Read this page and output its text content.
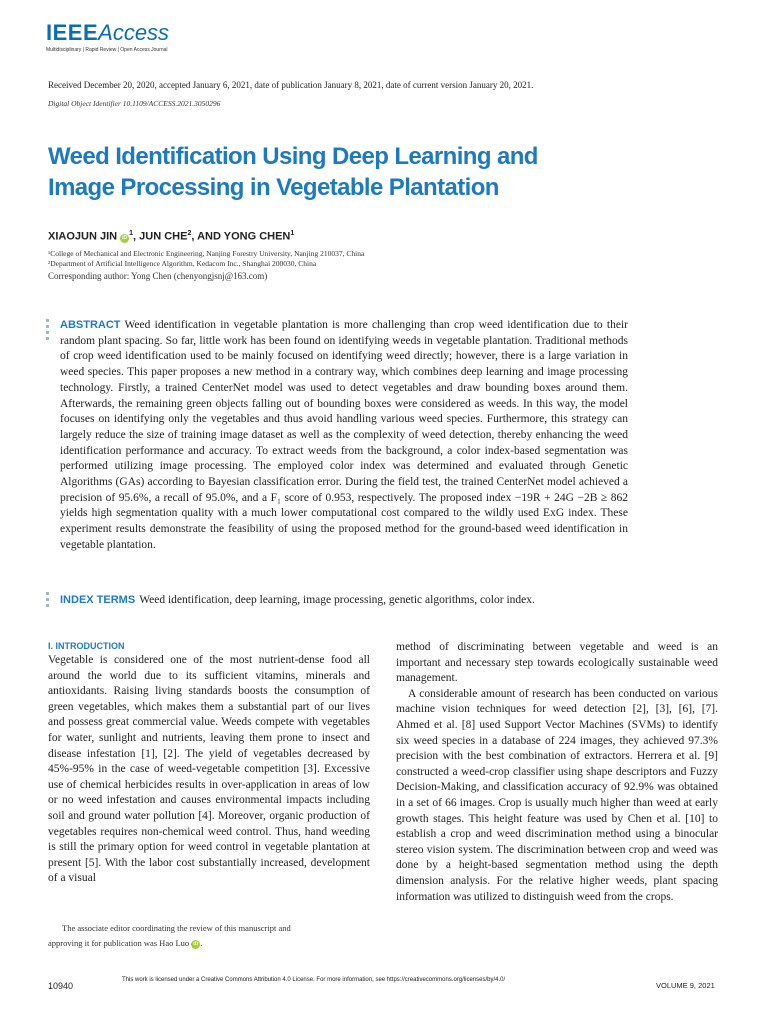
IEEEAccess
Multidisciplinary | Rapid Review | Open Access Journal
Received December 20, 2020, accepted January 6, 2021, date of publication January 8, 2021, date of current version January 20, 2021.
Digital Object Identifier 10.1109/ACCESS.2021.3050296
Weed Identification Using Deep Learning and
Image Processing in Vegetable Plantation
XIAOJUN JIN $iD^1$, JUN CHE$^2$, AND YONG CHEN$^1$
¹College of Mechanical and Electronic Engineering, Nanjing Forestry University, Nanjing 210037, China
²Department of Artificial Intelligence Algorithm, Kedacom Inc., Shanghai 200030, China
Corresponding author: Yong Chen (chenyongjsnj@163.com)
ABSTRACT Weed identification in vegetable plantation is more challenging than crop weed identification due to their random plant spacing. So far, little work has been found on identifying weeds in vegetable plantation. Traditional methods of crop weed identification used to be mainly focused on identifying weed directly; however, there is a large variation in weed species. This paper proposes a new method in a contrary way, which combines deep learning and image processing technology. Firstly, a trained CenterNet model was used to detect vegetables and draw bounding boxes around them. Afterwards, the remaining green objects falling out of bounding boxes were considered as weeds. In this way, the model focuses on identifying only the vegetables and thus avoid handling various weed species. Furthermore, this strategy can largely reduce the size of training image dataset as well as the complexity of weed detection, thereby enhancing the weed identification performance and accuracy. To extract weeds from the background, a color index-based segmentation was performed utilizing image processing. The employed color index was determined and evaluated through Genetic Algorithms (GAs) according to Bayesian classification error. During the field test, the trained CenterNet model achieved a precision of 95.6%, a recall of 95.0%, and a F₁ score of 0.953, respectively. The proposed index −19R + 24G −2B ≥ 862 yields high segmentation quality with a much lower computational cost compared to the wildly used ExG index. These experiment results demonstrate the feasibility of using the proposed method for the ground-based weed identification in vegetable plantation.
INDEX TERMS Weed identification, deep learning, image processing, genetic algorithms, color index.
I. INTRODUCTION
Vegetable is considered one of the most nutrient-dense food all around the world due to its sufficient vitamins, minerals and antioxidants. Raising living standards boosts the consumption of green vegetables, which makes them a substantial part of our lives and possess great commercial value. Weeds compete with vegetables for water, sunlight and nutrients, leaving them prone to insect and disease infestation [1], [2]. The yield of vegetables decreased by 45%-95% in the case of weed-vegetable competition [3]. Excessive use of chemical herbicides results in over-application in areas of low or no weed infestation and causes environmental impacts including soil and ground water pollution [4]. Moreover, organic production of vegetables requires non-chemical weed control. Thus, hand weeding is still the primary option for weed control in vegetable plantation at present [5]. With the labor cost substantially increased, development of a visual
The associate editor coordinating the review of this manuscript and
approving it for publication was Hao Luo iD .
method of discriminating between vegetable and weed is an important and necessary step towards ecologically sustainable weed management.
A considerable amount of research has been conducted on various machine vision techniques for weed detection [2], [3], [6], [7]. Ahmed et al. [8] used Support Vector Machines (SVMs) to identify six weed species in a database of 224 images, they achieved 97.3% precision with the best combination of extractors. Herrera et al. [9] constructed a weed-crop classifier using shape descriptors and Fuzzy Decision-Making, and classification accuracy of 92.9% was obtained in a set of 66 images. Crop is usually much higher than weed at early growth stages. This height feature was used by Chen et al. [10] to establish a crop and weed discrimination method using a binocular stereo vision system. The discrimination between crop and weed was done by a height-based segmentation method using the depth dimension analysis. For the relative higher weeds, plant spacing information was utilized to distinguish weed from the crops.
10940
This work is licensed under a Creative Commons Attribution 4.0 License. For more information, see https://creativecommons.org/licenses/by/4.0/
VOLUME 9, 2021
